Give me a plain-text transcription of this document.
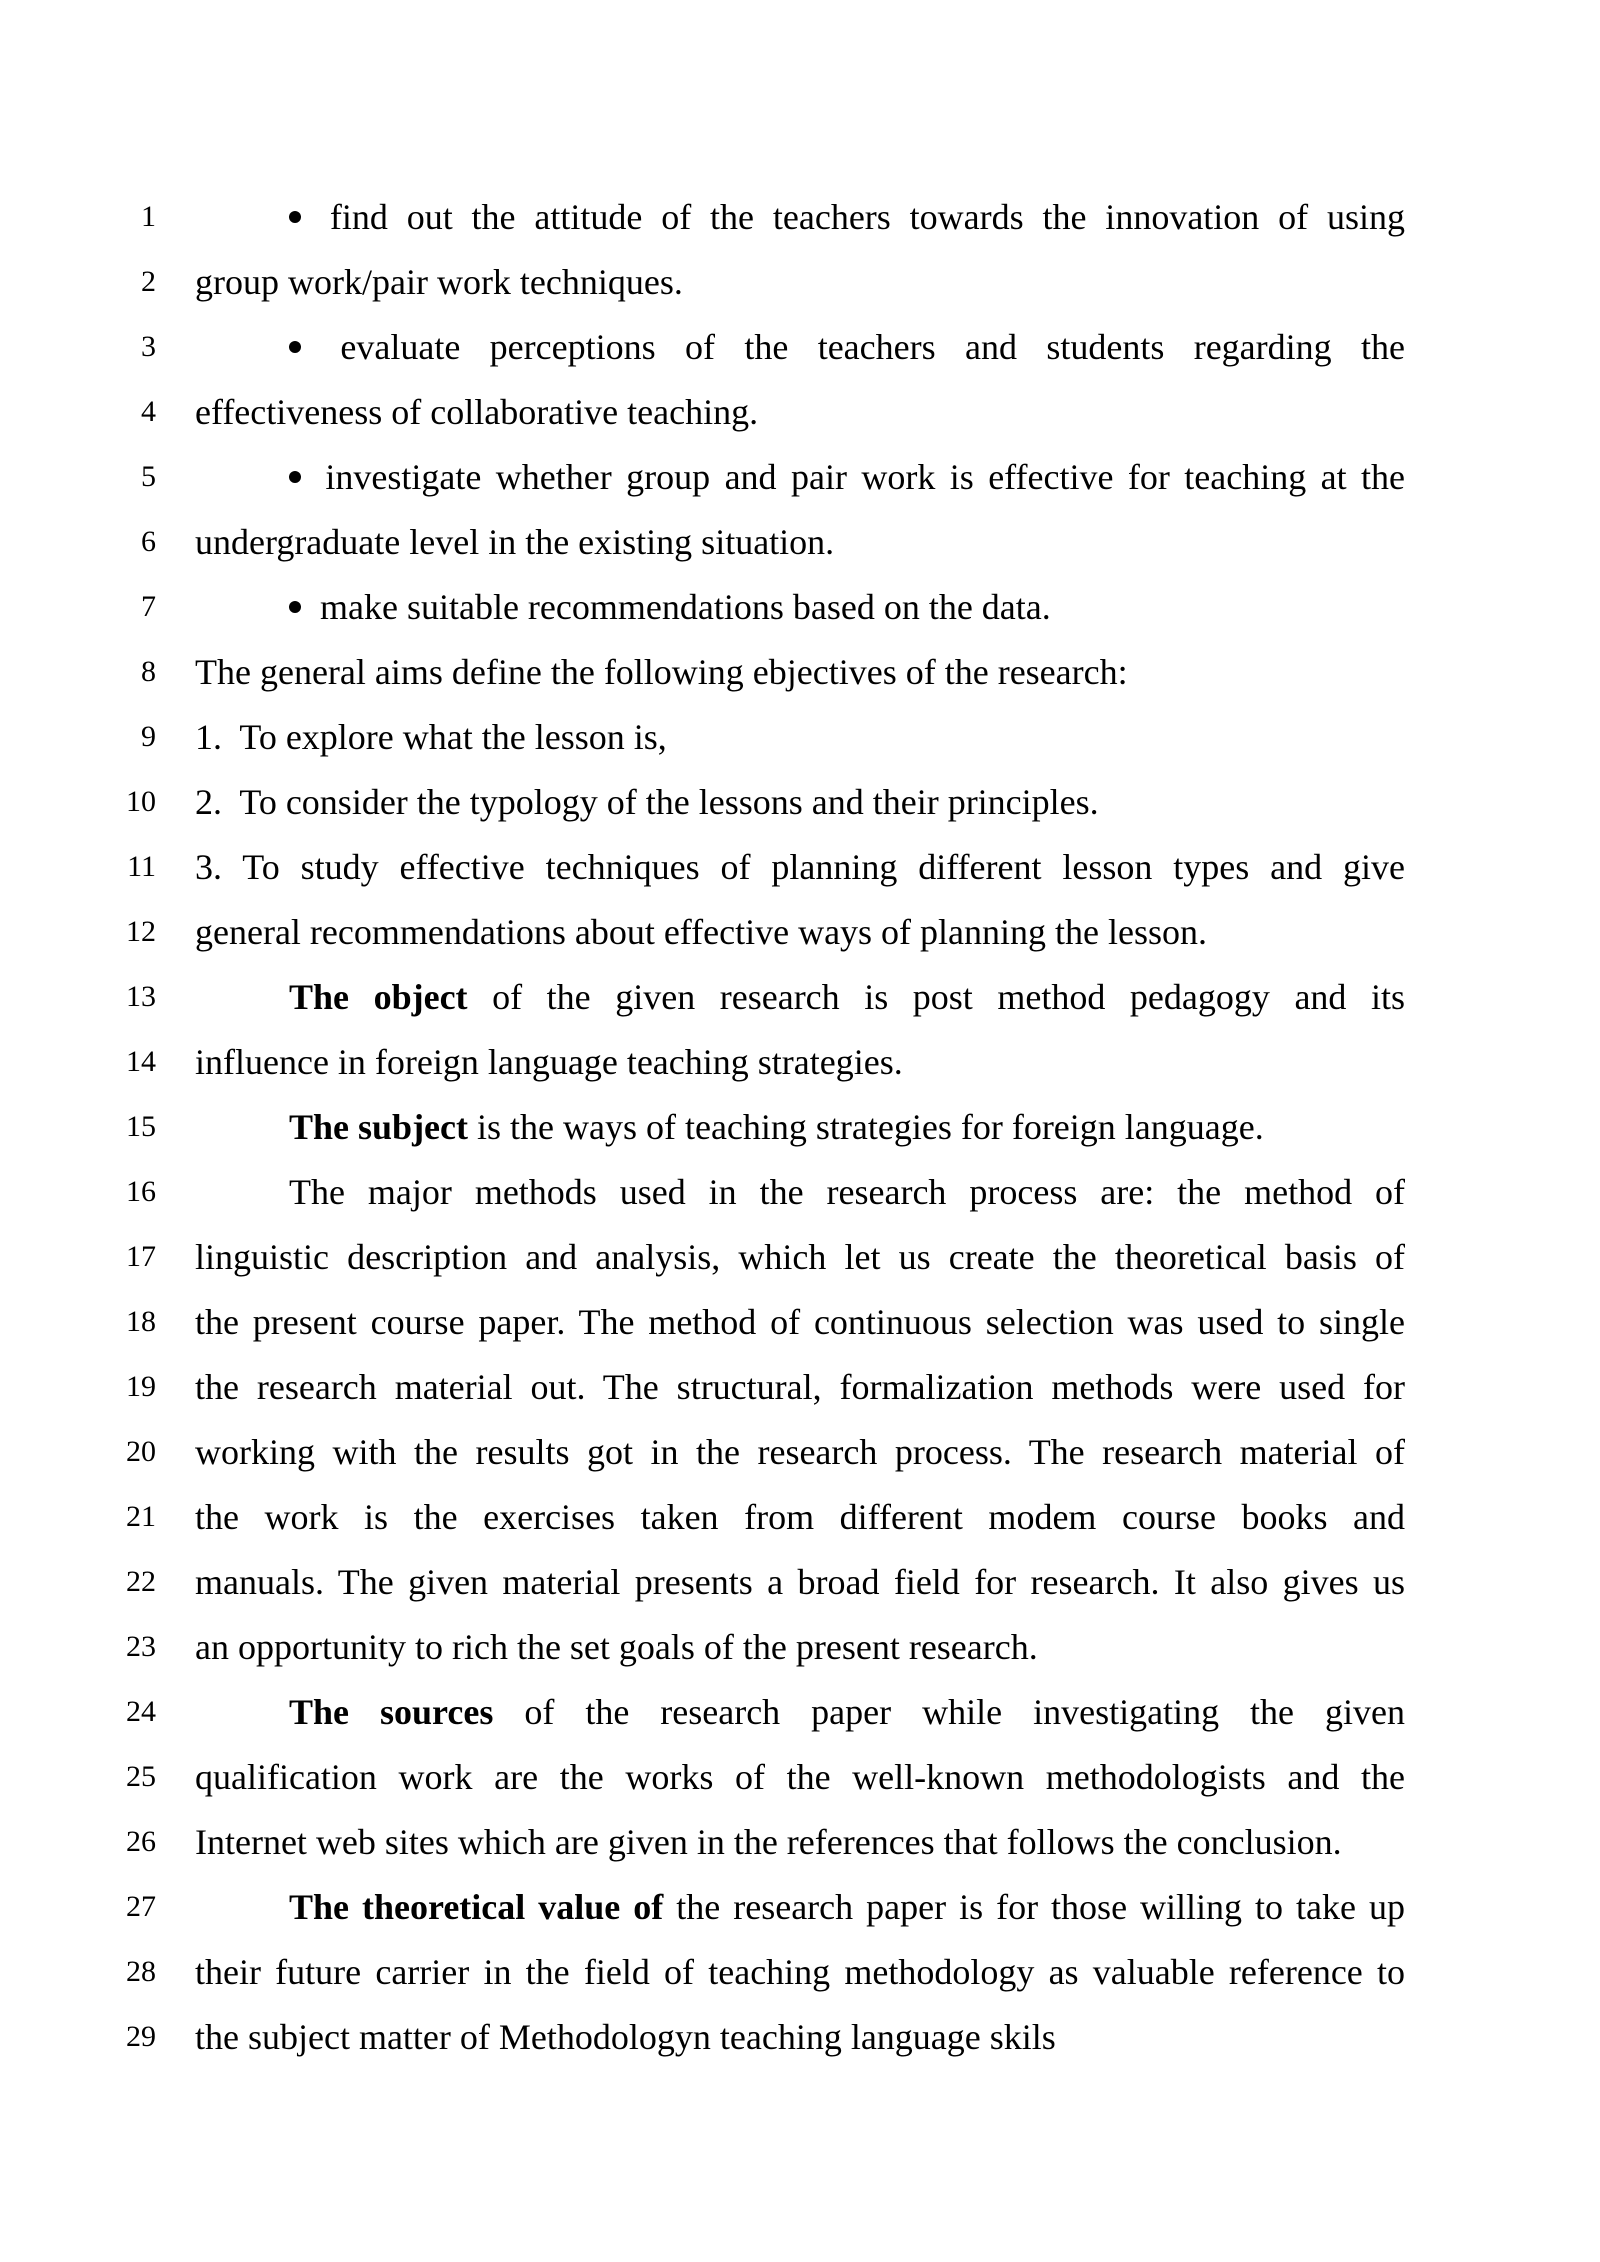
1	find out the attitude of the teachers towards the innovation of using
2 group work/pair work techniques.
3	evaluate perceptions of the teachers and students regarding the
4 effectiveness of collaborative teaching.
5	investigate whether group and pair work is effective for teaching at the
6 undergraduate level in the existing situation.
7	make suitable recommendations based on the data.
8 The general aims define the following ebjectives of the research:
9 1.  To explore what the lesson is,
10 2.  To consider the typology of the lessons and their principles.
11 3. To study effective techniques of planning different lesson types and give
12 general recommendations about effective ways of planning the lesson.
13	The object of the given research is post method pedagogy and its
14 influence in foreign language teaching strategies.
15	The subject is the ways of teaching strategies for foreign language.
16	The major methods used in the research process are: the method of
17 linguistic description and analysis, which let us create the theoretical basis of
18 the present course paper. The method of continuous selection was used to single
19 the research material out. The structural, formalization methods were used for
20 working with the results got in the research process. The research material of
21 the work is the exercises taken from different modem course books and
22 manuals. The given material presents a broad field for research. It also gives us
23 an opportunity to rich the set goals of the present research.
24	The sources of the research paper while investigating the given
25 qualification work are the works of the well-known methodologists and the
26 Internet web sites which are given in the references that follows the conclusion.
27	The theoretical value of the research paper is for those willing to take up
28 their future carrier in the field of teaching methodology as valuable reference to
29 the subject matter of Methodologyn teaching language skils
